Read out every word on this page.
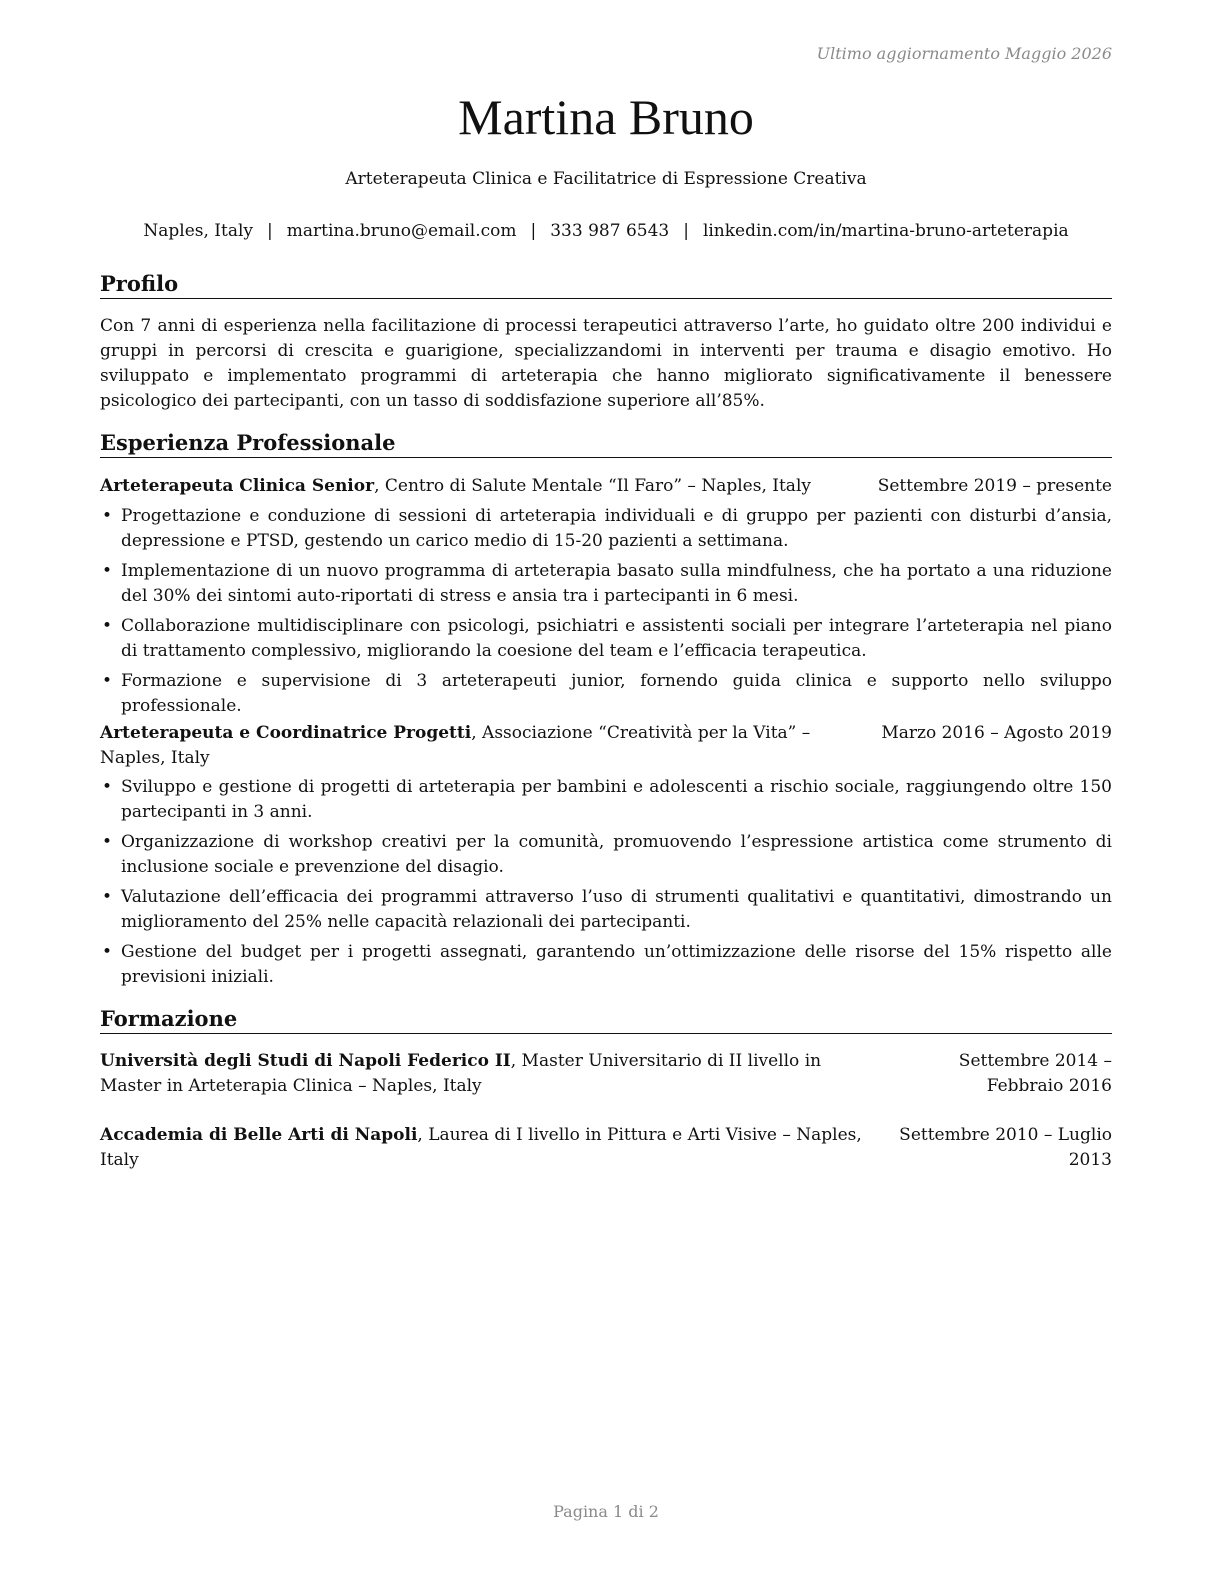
Ultimo aggiornamento Maggio 2026
Martina Bruno
Arteterapeuta Clinica e Facilitatrice di Espressione Creativa
Naples, Italy | martina.bruno@email.com | 333 987 6543 | linkedin.com/in/martina-bruno-arteterapia
Profilo
Con 7 anni di esperienza nella facilitazione di processi terapeutici attraverso l’arte, ho guidato oltre 200 individui e gruppi in percorsi di crescita e guarigione, specializzandomi in interventi per trauma e disagio emotivo. Ho sviluppato e implementato programmi di arteterapia che hanno migliorato significativamente il benessere psicologico dei partecipanti, con un tasso di soddisfazione superiore all’85%.
Esperienza Professionale
Arteterapeuta Clinica Senior, Centro di Salute Mentale “Il Faro” – Naples, Italy	Settembre 2019 – presente
• Progettazione e conduzione di sessioni di arteterapia individuali e di gruppo per pazienti con disturbi d’ansia, depressione e PTSD, gestendo un carico medio di 15-20 pazienti a settimana.
• Implementazione di un nuovo programma di arteterapia basato sulla mindfulness, che ha portato a una riduzione del 30% dei sintomi auto-riportati di stress e ansia tra i partecipanti in 6 mesi.
• Collaborazione multidisciplinare con psicologi, psichiatri e assistenti sociali per integrare l’arteterapia nel piano di trattamento complessivo, migliorando la coesione del team e l’efficacia terapeutica.
• Formazione e supervisione di 3 arteterapeuti junior, fornendo guida clinica e supporto nello sviluppo professionale.
Arteterapeuta e Coordinatrice Progetti, Associazione “Creatività per la Vita” – Naples, Italy
Marzo 2016 – Agosto 2019
• Sviluppo e gestione di progetti di arteterapia per bambini e adolescenti a rischio sociale, raggiungendo oltre 150 partecipanti in 3 anni.
• Organizzazione di workshop creativi per la comunità, promuovendo l’espressione artistica come strumento di inclusione sociale e prevenzione del disagio.
• Valutazione dell’efficacia dei programmi attraverso l’uso di strumenti qualitativi e quantitativi, dimostrando un miglioramento del 25% nelle capacità relazionali dei partecipanti.
• Gestione del budget per i progetti assegnati, garantendo un’ottimizzazione delle risorse del 15% rispetto alle previsioni iniziali.
Formazione
Università degli Studi di Napoli Federico II, Master Universitario di II livello in Master in Arteterapia Clinica – Naples, Italy
Settembre 2014 – Febbraio 2016
Accademia di Belle Arti di Napoli, Laurea di I livello in Pittura e Arti Visive – Naples, Italy
Settembre 2010 – Luglio 2013
Pagina 1 di 2
